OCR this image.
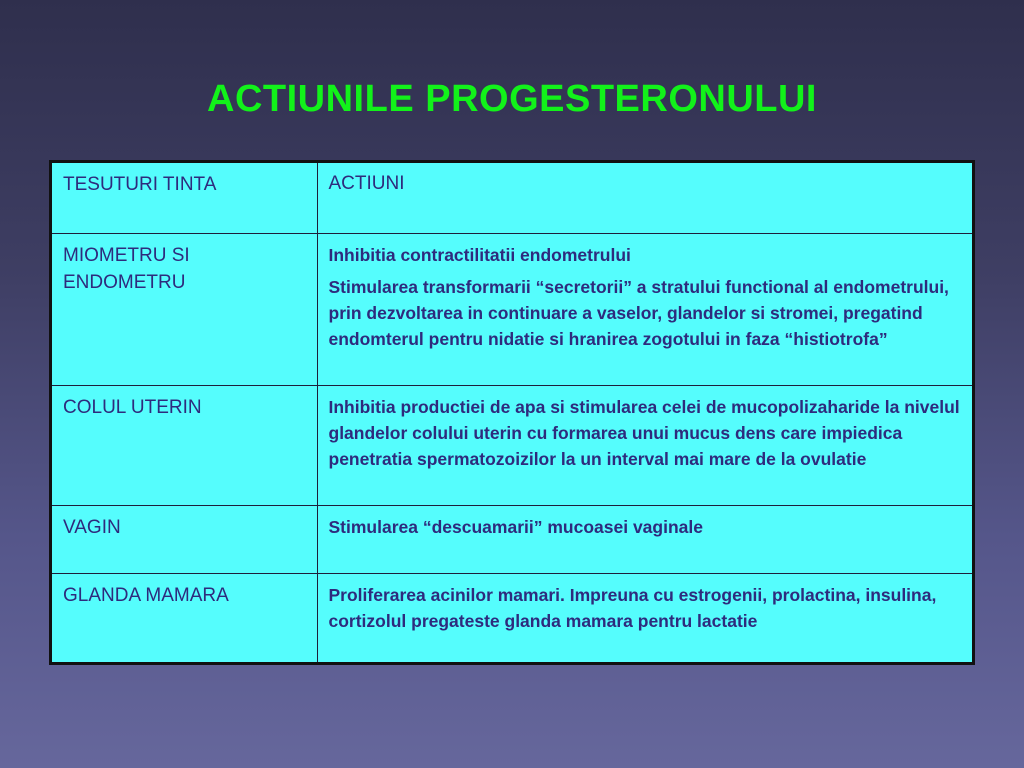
ACTIUNILE PROGESTERONULUI
TESUTURI TINTA	ACTIUNI
MIOMETRU SI ENDOMETRU	Inhibitia contractilitatii endometrului

Stimularea transformarii “secretorii” a stratului functional al endometrului, prin dezvoltarea in continuare a vaselor, glandelor si stromei, pregatind endomterul pentru nidatie si hranirea zogotului in faza “histiotrofa”

COLUL UTERIN	Inhibitia productiei de apa si stimularea celei de mucopolizaharide la nivelul glandelor colului uterin cu formarea unui mucus dens care impiedica penetratia spermatozoizilor la un interval mai mare de la ovulatie

VAGIN	Stimularea “descuamarii” mucoasei vaginale

GLANDA MAMARA	Proliferarea acinilor mamari. Impreuna cu estrogenii, prolactina, insulina, cortizolul pregateste glanda mamara pentru lactatie
